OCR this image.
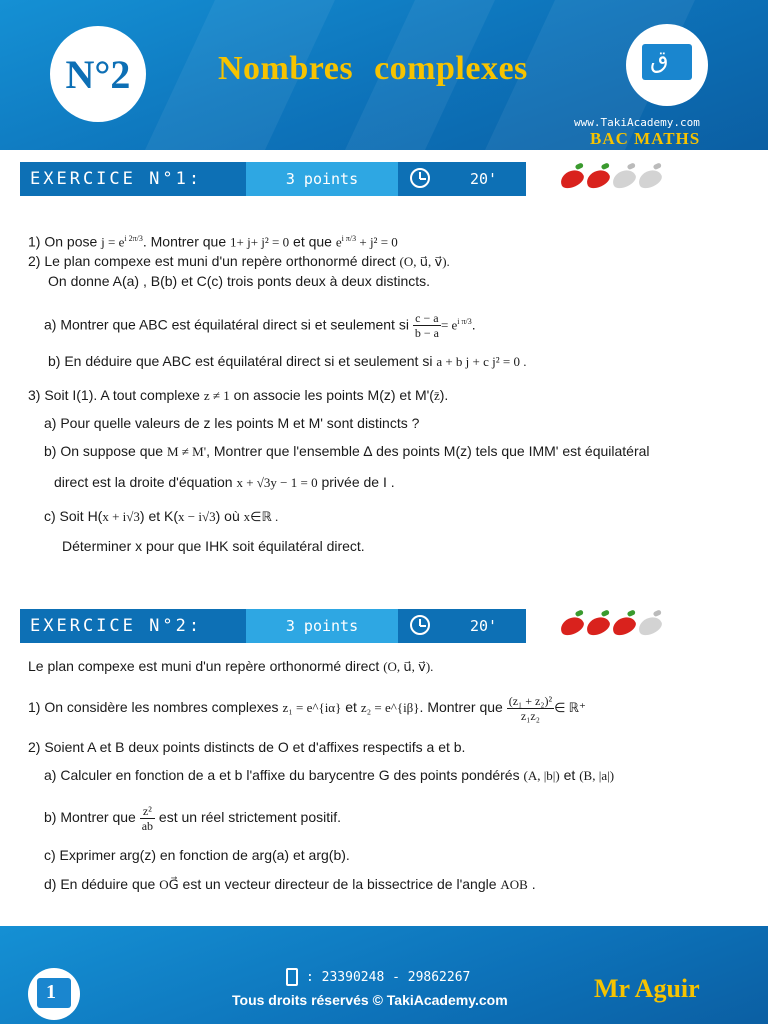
N°2	Nombres complexes	ق
www.TakiAcademy.com
BAC MATHS
EXERCICE N°1:	3 points	20'
1) On pose $j = e^{i 2\pi/3}$. Montrer que 1+ j+ j² = 0 et que $e^{i \pi/3} + j^2 = 0$
2) Le plan compexe est muni d'un repère orthonormé direct (O, u⃗, v⃗).
On donne A(a) , B(b) et C(c) trois ponts deux à deux distincts.
a) Montrer que ABC est équilatéral direct si et seulement si $\frac{c - a}{b - a} = e^{i \pi/3}$.
b) En déduire que ABC est équilatéral direct si et seulement si a + b j + c j² = 0 .
3) Soit I(1). A tout complexe z ≠ 1 on associe les points M(z) et M'(z̄).
a) Pour quelle valeurs de z les points M et M' sont distincts ?
b) On suppose que M ≠ M', Montrer que l'ensemble ∆ des points M(z) tels que IMM' est équilatéral
direct est la droite d'équation x + √3y − 1 = 0 privée de I .
c) Soit H(x + i√3) et K(x − i√3) où x∈ℝ .
Déterminer x pour que IHK soit équilatéral direct.
EXERCICE N°2:	3 points	20'
Le plan compexe est muni d'un repère orthonormé direct (O, u⃗, v⃗).
1) On considère les nombres complexes z₁ = e^{iα} et z₂ = e^{iβ}. Montrer que $\frac{\text{(z₁ + z₂)²}}{\text{z₁z₂}}$ ∈ ℝ⁺
2) Soient A et B deux points distincts de O et d'affixes respectifs a et b.
a) Calculer en fonction de a et b l'affixe du barycentre G des points pondérés (A, |b|) et (B, |a|)
b) Montrer que $\frac{\text{z²}}{ab}$ est un réel strictement positif.
c) Exprimer arg(z) en fonction de arg(a) et arg(b).
d) En déduire que OG⃗ est un vecteur directeur de la bissectrice de l'angle AOB .
1
: 23390248 - 29862267
Tous droits réservés © TakiAcademy.com	Mr Aguir
